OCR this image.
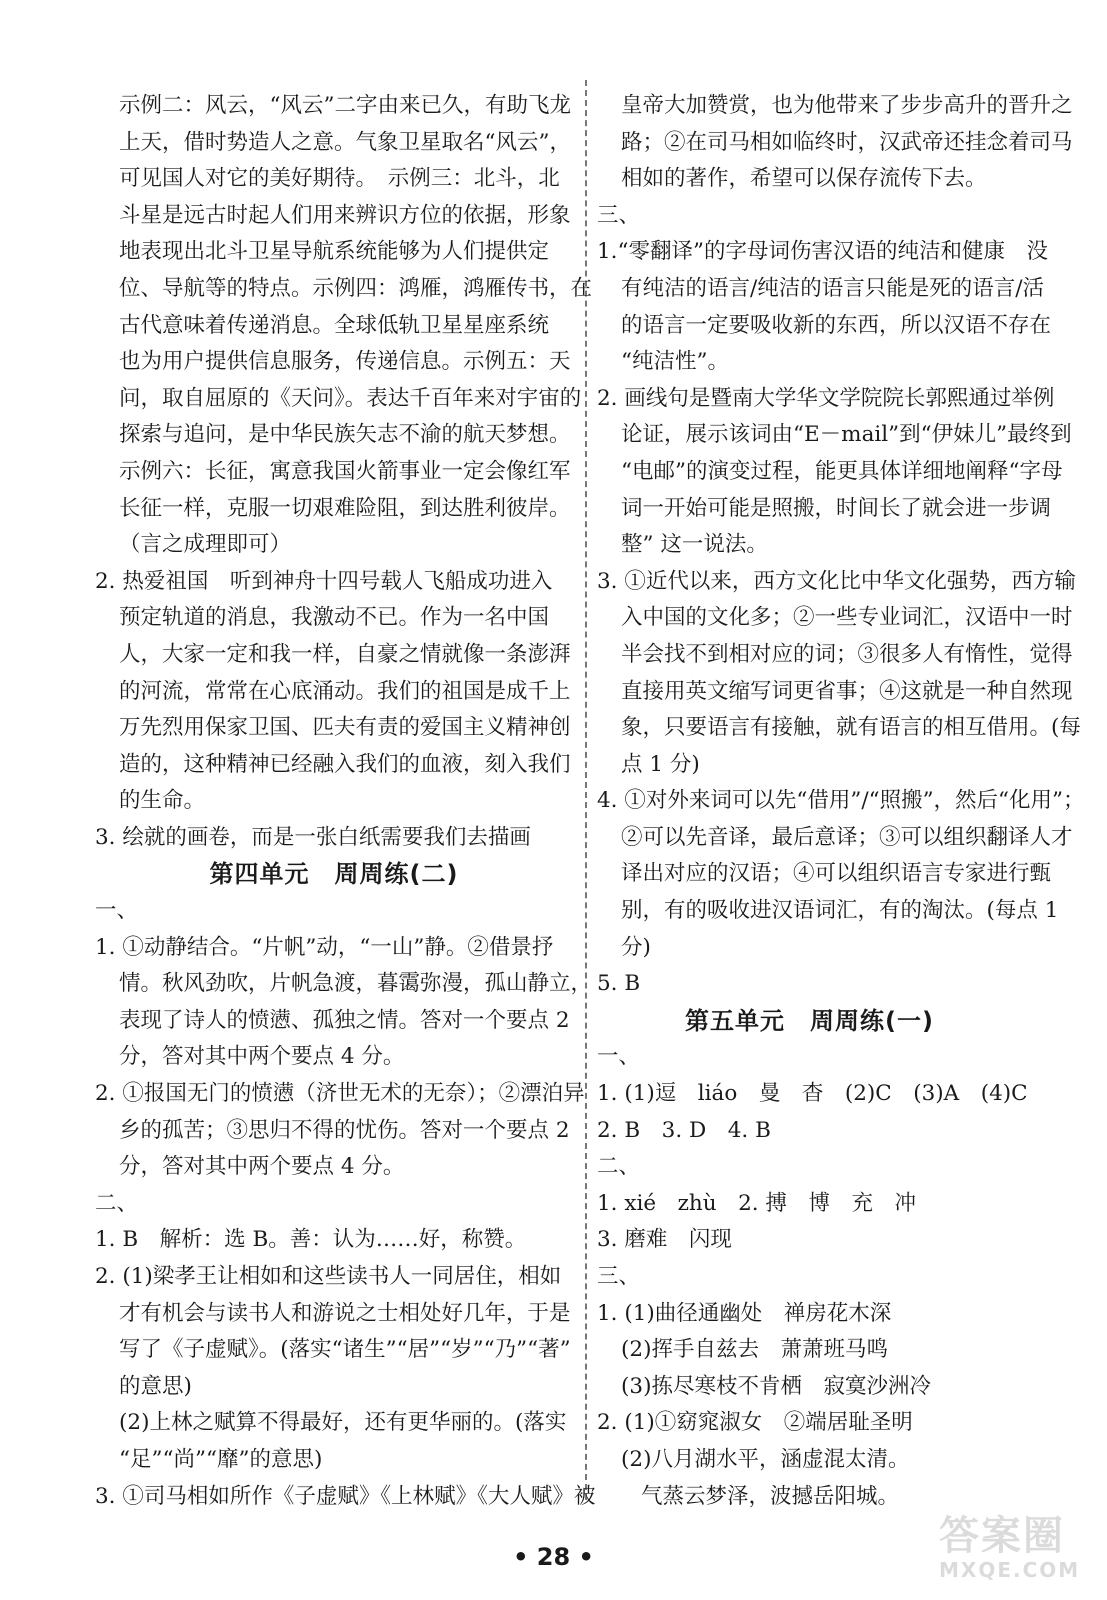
示例二：风云，“风云”二字由来已久，有助飞龙
上天，借时势造人之意。气象卫星取名“风云”，
可见国人对它的美好期待。　示例三：北斗，北
斗星是远古时起人们用来辨识方位的依据，形象
地表现出北斗卫星导航系统能够为人们提供定
位、导航等的特点。示例四：鸿雁，鸿雁传书，在
古代意味着传递消息。全球低轨卫星星座系统
也为用户提供信息服务，传递信息。示例五：天
问，取自屈原的《天问》。表达千百年来对宇宙的
探索与追问，是中华民族矢志不渝的航天梦想。
示例六：长征，寓意我国火箭事业一定会像红军
长征一样，克服一切艰难险阻，到达胜利彼岸。
（言之成理即可）
2. 热爱祖国　听到神舟十四号载人飞船成功进入
预定轨道的消息，我激动不已。作为一名中国
人，大家一定和我一样，自豪之情就像一条澎湃
的河流，常常在心底涌动。我们的祖国是成千上
万先烈用保家卫国、匹夫有责的爱国主义精神创
造的，这种精神已经融入我们的血液，刻入我们
的生命。
3. 绘就的画卷，而是一张白纸需要我们去描画
第四单元　周周练(二)
一、
1. ①动静结合。“片帆”动，“一山”静。②借景抒
情。秋风劲吹，片帆急渡，暮霭弥漫，孤山静立，
表现了诗人的愤懑、孤独之情。答对一个要点 2
分，答对其中两个要点 4 分。
2. ①报国无门的愤懑（济世无术的无奈）；②漂泊异
乡的孤苦；③思归不得的忧伤。答对一个要点 2
分，答对其中两个要点 4 分。
二、
1. B　解析：选 B。善：认为……好，称赞。
2. (1)梁孝王让相如和这些读书人一同居住，相如
才有机会与读书人和游说之士相处好几年，于是
写了《子虚赋》。(落实“诸生”“居”“岁”“乃”“著”
的意思)
(2)上林之赋算不得最好，还有更华丽的。(落实
“足”“尚”“靡”的意思)
3. ①司马相如所作《子虚赋》《上林赋》《大人赋》被
皇帝大加赞赏，也为他带来了步步高升的晋升之
路；②在司马相如临终时，汉武帝还挂念着司马
相如的著作，希望可以保存流传下去。
三、
1.“零翻译”的字母词伤害汉语的纯洁和健康　没
有纯洁的语言/纯洁的语言只能是死的语言/活
的语言一定要吸收新的东西，所以汉语不存在
“纯洁性”。
2. 画线句是暨南大学华文学院院长郭熙通过举例
论证，展示该词由“E－mail”到“伊妹儿”最终到
“电邮”的演变过程，能更具体详细地阐释“字母
词一开始可能是照搬，时间长了就会进一步调
整” 这一说法。
3. ①近代以来，西方文化比中华文化强势，西方输
入中国的文化多；②一些专业词汇，汉语中一时
半会找不到相对应的词；③很多人有惰性，觉得
直接用英文缩写词更省事；④这就是一种自然现
象，只要语言有接触，就有语言的相互借用。(每
点 1 分)
4. ①对外来词可以先“借用”/“照搬”，然后“化用”；
②可以先音译，最后意译；③可以组织翻译人才
译出对应的汉语；④可以组织语言专家进行甄
别，有的吸收进汉语词汇，有的淘汰。(每点 1
分)
5. B
第五单元　周周练(一)
一、
1. (1)逗　liáo　曼　杳　(2)C　(3)A　(4)C
2. B　3. D　4. B
二、
1. xié　zhù　2. 搏　博　充　冲
3. 磨难　闪现
三、
1. (1)曲径通幽处　禅房花木深
(2)挥手自兹去　萧萧班马鸣
(3)拣尽寒枝不肯栖　寂寞沙洲冷
2. (1)①窈窕淑女　②端居耻圣明
(2)八月湖水平，涵虚混太清。
气蒸云梦泽，波撼岳阳城。
• 28 •	答案圈
MXQE.COM
